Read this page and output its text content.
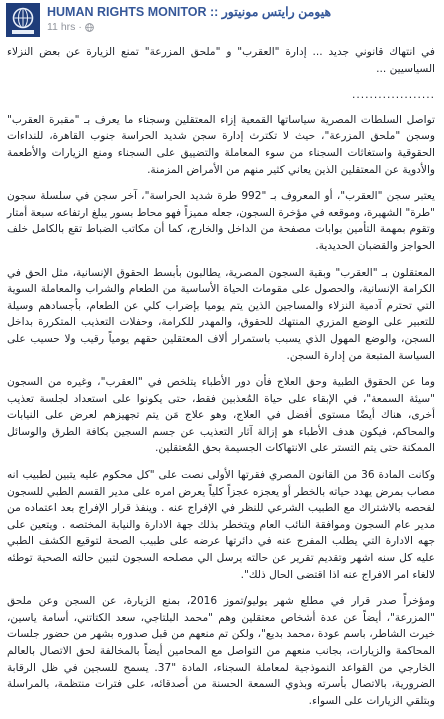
HUMAN RIGHTS MONITOR :: هيومن رايتس مونيتور
11 hrs ·

في انتهاك قانوني جديد ... إدارة "العقرب" و "ملحق المزرعة" تمنع الزيارة عن بعض النزلاء السياسيين ...

...................

تواصل السلطات المصرية سياساتها القمعية إزاء المعتقلين وسجناء ما يعرف بـ "مقبرة العقرب" وسجن "ملحق المزرعة"، حيث لا تكترث إدارة سجن شديد الحراسة جنوب القاهرة، للنداءات الحقوقية واستغاثات السجناء من سوء المعاملة والتضييق على السجناء ومنع الزيارات والأطعمة والأدوية عن المعتقلين الذين يعاني كثير منهم من الأمراض المزمنة.

يعتبر سجن "العقرب"، أو المعروف بـ "992 طرة شديد الحراسة"، آخر سجن في سلسلة سجون "طرة" الشهيرة، وموقعه في مؤخرة السجون، جعله مميزاً فهو محاط بسور يبلغ ارتفاعه سبعة أمتار وتقوم بمهمة التأمين بوابات مصفحة من الداخل والخارج، كما أن مكاتب الضباط تقع بالكامل خلف الحواجز والقضبان الحديدية.

المعتقلون بـ "العقرب" وبقية السجون المصرية، يطالبون بأبسط الحقوق الإنسانية، مثل الحق في الكرامة الإنسانية، والحصول على مقومات الحياة الأساسية من الطعام والشراب والمعاملة السوية التي تحترم آدمية النزلاء والمساجين الذين يتم يوميا بإضراب كلي عن الطعام، بأجسادهم وسيلة للتعبير على الوضع المزري المنتهك للحقوق، والمهدر للكرامة، وحفلات التعذيب المتكررة بداخل السجن، والوضع المهول الذي يسبب باستمرار ألاف المعتقلين حقهم يومياً رقيب ولا حسيب على السياسة المتبعة من إدارة السجن.

وما عن الحقوق الطبية وحق العلاج فأن دور الأطباء يتلخص في "العقرب"، وغيره من السجون "سيئة السمعة"، في الإبقاء على حياة المُعذبين فقط، حتى يكونوا على استعداد لجلسة تعذيب أخرى، هناك أيضًا مستوى أفضل في العلاج، وهو علاج مَن يتم تجهيزهم لعرض على النيابات والمحاكم، فيكون هدف الأطباء هو إزالة آثار التعذيب عن جسم السجين بكافة الطرق والوسائل الممكنة حتى يتم التستر على الانتهاكات الجسيمة بحق المُعتقلين.

وكانت المادة 36 من القانون المصري فقرتها الأولى نصت على "كل محكوم عليه يتبين لطبيب انه مصاب بمرض يهدد حياته بالخطر أو يعجزه عجزاً كلياً يعرض امره على مدير القسم الطبي للسجون لفحصه بالاشتراك مع الطبيب الشرعي للنظر في الإفراج عنه . وينفذ قرار الإفراج بعد اعتماده من مدير عام السجون وموافقة النائب العام ويتخطر بذلك جهة الادارة والنيابة المختصه . ويتعين على جهه الادارة التي يطلب المفرج عنه في دائرتها عرضه على طبيب الصحة لتوقيع الكشف الطبي عليه كل سنه اشهر وتقديم تقرير عن حالته يرسل الي مصلحه السجون لتبين حالته الصحية توطئه لالغاء امر الافراج عنه اذا اقتضى الحال ذلك".

ومؤخراً صدر قرار في مطلع شهر يوليو/تموز 2016، بمنع الزيارة، عن السجن وعن ملحق "المزرعة"، أيضاً عن عدة أشخاص معتقلين وهم "محمد البلتاجي، سعد الكتاتني، أسامة ياسين، خيرت الشاطر، باسم عودة ،محمد بديع"، ولكن تم منعهم من قبل صدوره بشهر من حضور جلسات المحاكمة والزيارات، بجانب منعهم من التواصل مع المحامين أيضاً بالمخالفة لحق الاتصال بالعالم الخارجي من القواعد النموذجية لمعاملة السجناء، المادة "37. يسمح للسجين في ظل الرقابة الضرورية، بالاتصال بأسرته وبذوي السمعة الحسنة من أصدقائه، على فترات منتظمة، بالمراسلة وبتلقي الزيارات على السواء.
